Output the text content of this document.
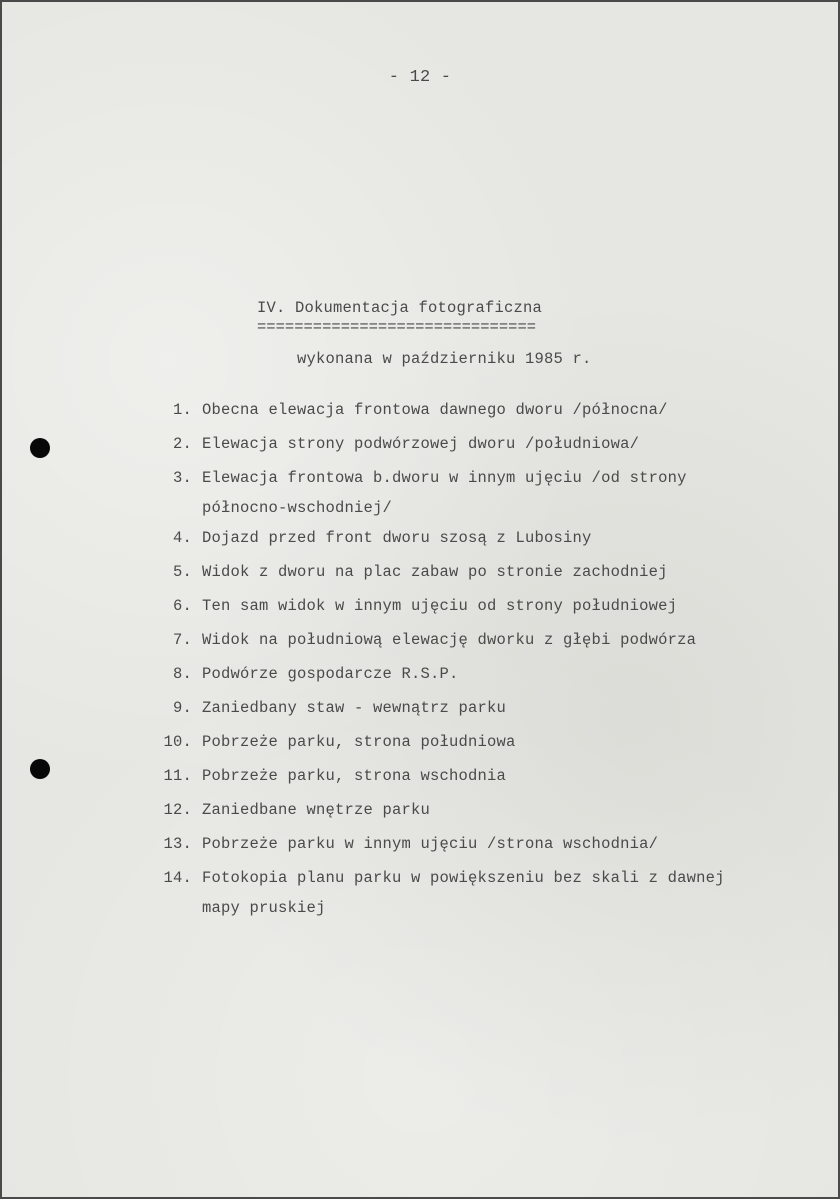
- 12 -
IV. Dokumentacja fotograficzna
==============================
wykonana w październiku 1985 r.
1. Obecna elewacja frontowa dawnego dworu /północna/
2. Elewacja strony podwórzowej dworu /południowa/
3. Elewacja frontowa b.dworu w innym ujęciu /od strony
północno-wschodniej/
4. Dojazd przed front dworu szosą z Lubosiny
5. Widok z dworu na plac zabaw po stronie zachodniej
6. Ten sam widok w innym ujęciu od strony południowej
7. Widok na południową elewację dworku z głębi podwórza
8. Podwórze gospodarcze R.S.P.
9. Zaniedbany staw - wewnątrz parku
10. Pobrzeże parku, strona południowa
11. Pobrzeże parku, strona wschodnia
12. Zaniedbane wnętrze parku
13. Pobrzeże parku w innym ujęciu /strona wschodnia/
14. Fotokopia planu parku w powiększeniu bez skali z dawnej
mapy pruskiej
